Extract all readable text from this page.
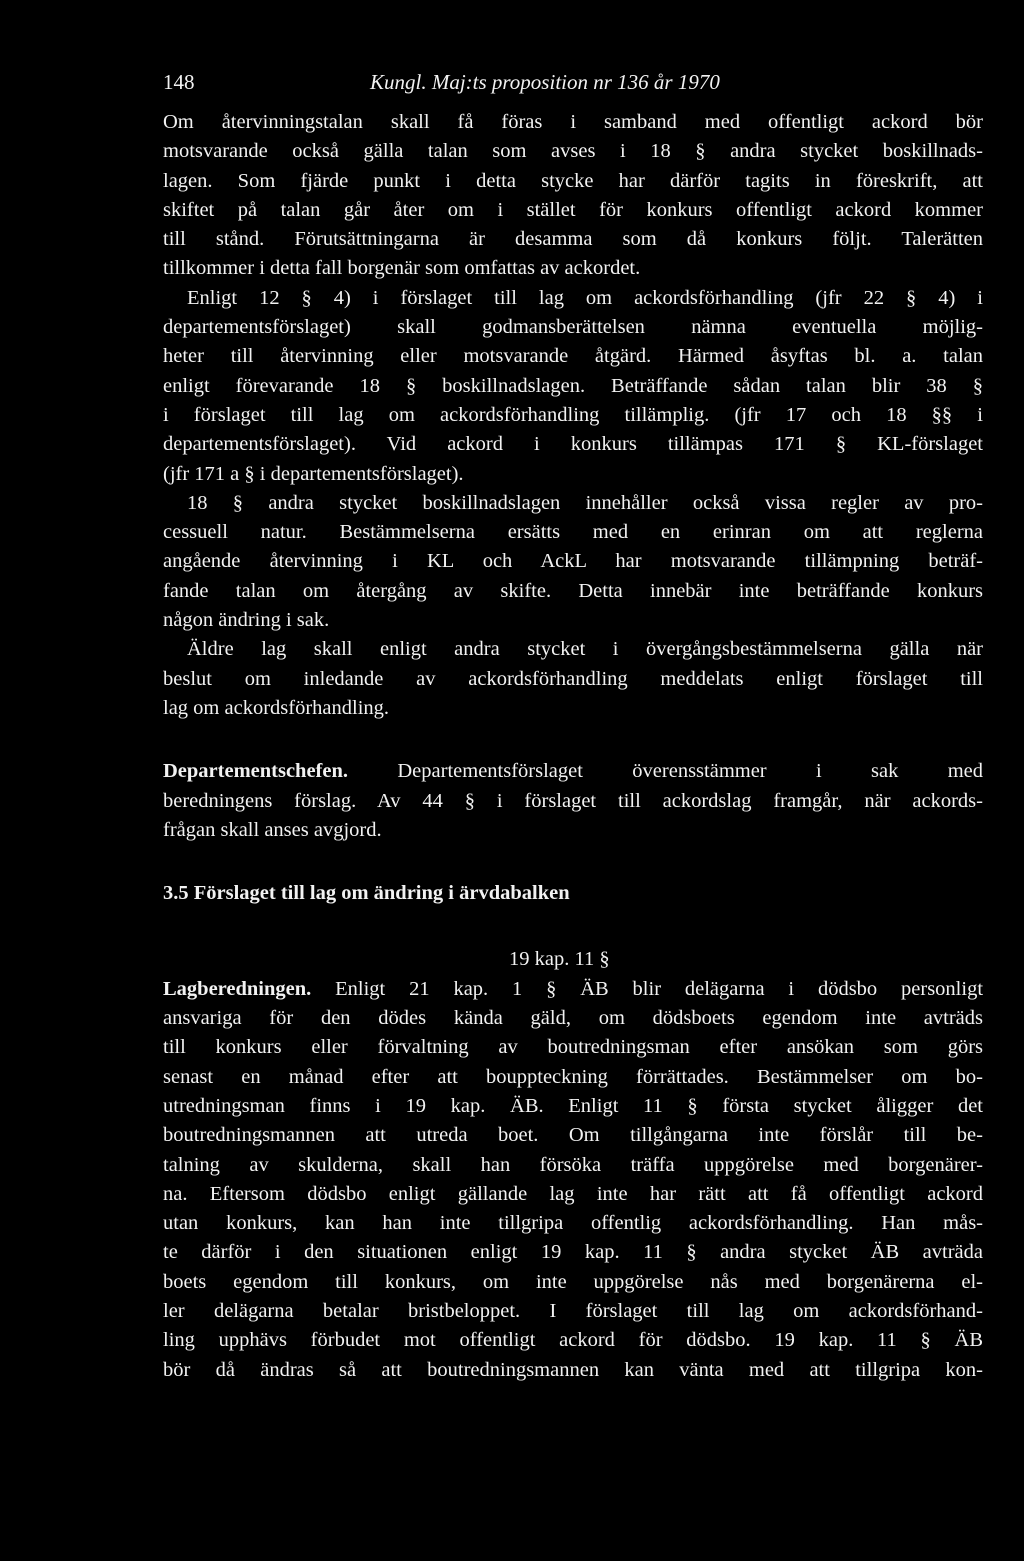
148	Kungl. Maj:ts proposition nr 136 år 1970
Om återvinningstalan skall få föras i samband med offentligt ackord bör
motsvarande också gälla talan som avses i 18 § andra stycket boskillnads-
lagen. Som fjärde punkt i detta stycke har därför tagits in föreskrift, att
skiftet på talan går åter om i stället för konkurs offentligt ackord kommer
till stånd. Förutsättningarna är desamma som då konkurs följt. Talerätten
tillkommer i detta fall borgenär som omfattas av ackordet.
Enligt 12 § 4) i förslaget till lag om ackordsförhandling (jfr 22 § 4) i
departementsförslaget) skall godmansberättelsen nämna eventuella möjlig-
heter till återvinning eller motsvarande åtgärd. Härmed åsyftas bl. a. talan
enligt förevarande 18 § boskillnadslagen. Beträffande sådan talan blir 38 §
i förslaget till lag om ackordsförhandling tillämplig. (jfr 17 och 18 §§ i
departementsförslaget). Vid ackord i konkurs tillämpas 171 § KL-förslaget
(jfr 171 a § i departementsförslaget).
18 § andra stycket boskillnadslagen innehåller också vissa regler av pro-
cessuell natur. Bestämmelserna ersätts med en erinran om att reglerna
angående återvinning i KL och AckL har motsvarande tillämpning beträf-
fande talan om återgång av skifte. Detta innebär inte beträffande konkurs
någon ändring i sak.
Äldre lag skall enligt andra stycket i övergångsbestämmelserna gälla när
beslut om inledande av ackordsförhandling meddelats enligt förslaget till
lag om ackordsförhandling.
Departementschefen. Departementsförslaget överensstämmer i sak med
beredningens förslag. Av 44 § i förslaget till ackordslag framgår, när ackords-
frågan skall anses avgjord.
3.5 Förslaget till lag om ändring i ärvdabalken
19 kap. 11 §
Lagberedningen. Enligt 21 kap. 1 § ÄB blir delägarna i dödsbo personligt
ansvariga för den dödes kända gäld, om dödsboets egendom inte avträds
till konkurs eller förvaltning av boutredningsman efter ansökan som görs
senast en månad efter att bouppteckning förrättades. Bestämmelser om bo-
utredningsman finns i 19 kap. ÄB. Enligt 11 § första stycket åligger det
boutredningsmannen att utreda boet. Om tillgångarna inte förslår till be-
talning av skulderna, skall han försöka träffa uppgörelse med borgenärer-
na. Eftersom dödsbo enligt gällande lag inte har rätt att få offentligt ackord
utan konkurs, kan han inte tillgripa offentlig ackordsförhandling. Han mås-
te därför i den situationen enligt 19 kap. 11 § andra stycket ÄB avträda
boets egendom till konkurs, om inte uppgörelse nås med borgenärerna el-
ler delägarna betalar bristbeloppet. I förslaget till lag om ackordsförhand-
ling upphävs förbudet mot offentligt ackord för dödsbo. 19 kap. 11 § ÄB
bör då ändras så att boutredningsmannen kan vänta med att tillgripa kon-
